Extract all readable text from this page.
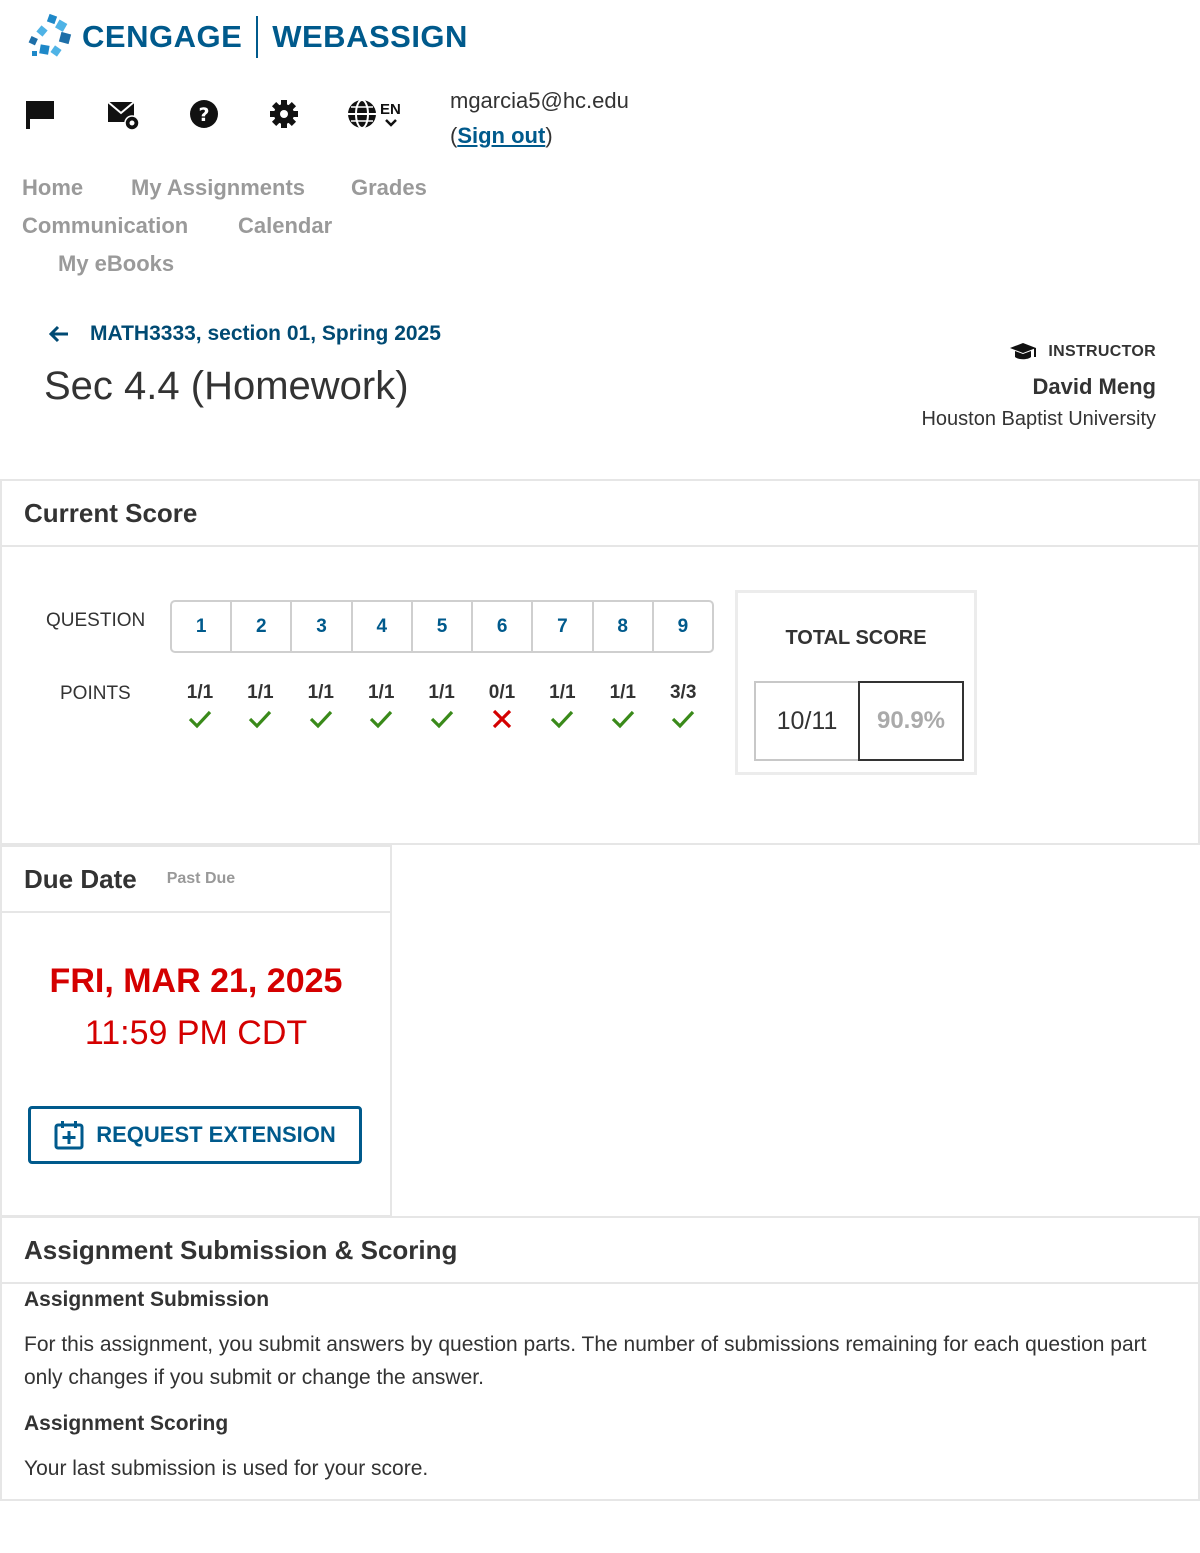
CENGAGE WEBASSIGN
?	EN mgarcia5@hc.edu
(Sign out)
Home My Assignments Grades
Communication Calendar
My eBooks
MATH3333, section 01, Spring 2025
Sec 4.4 (Homework)
INSTRUCTOR
David Meng
Houston Baptist University
Current Score
QUESTION
POINTS
1	2	3	4	5	6	7	8	9
1/1	1/1	1/1	1/1	1/1	0/1	1/1	1/1	3/3
TOTAL SCORE
10/11	90.9%
Due Date Past Due
FRI, MAR 21, 2025
11:59 PM CDT
REQUEST EXTENSION
Assignment Submission & Scoring
Assignment Submission

For this assignment, you submit answers by question parts. The number of submissions remaining for each question part only changes if you submit or change the answer.

Assignment Scoring

Your last submission is used for your score.
